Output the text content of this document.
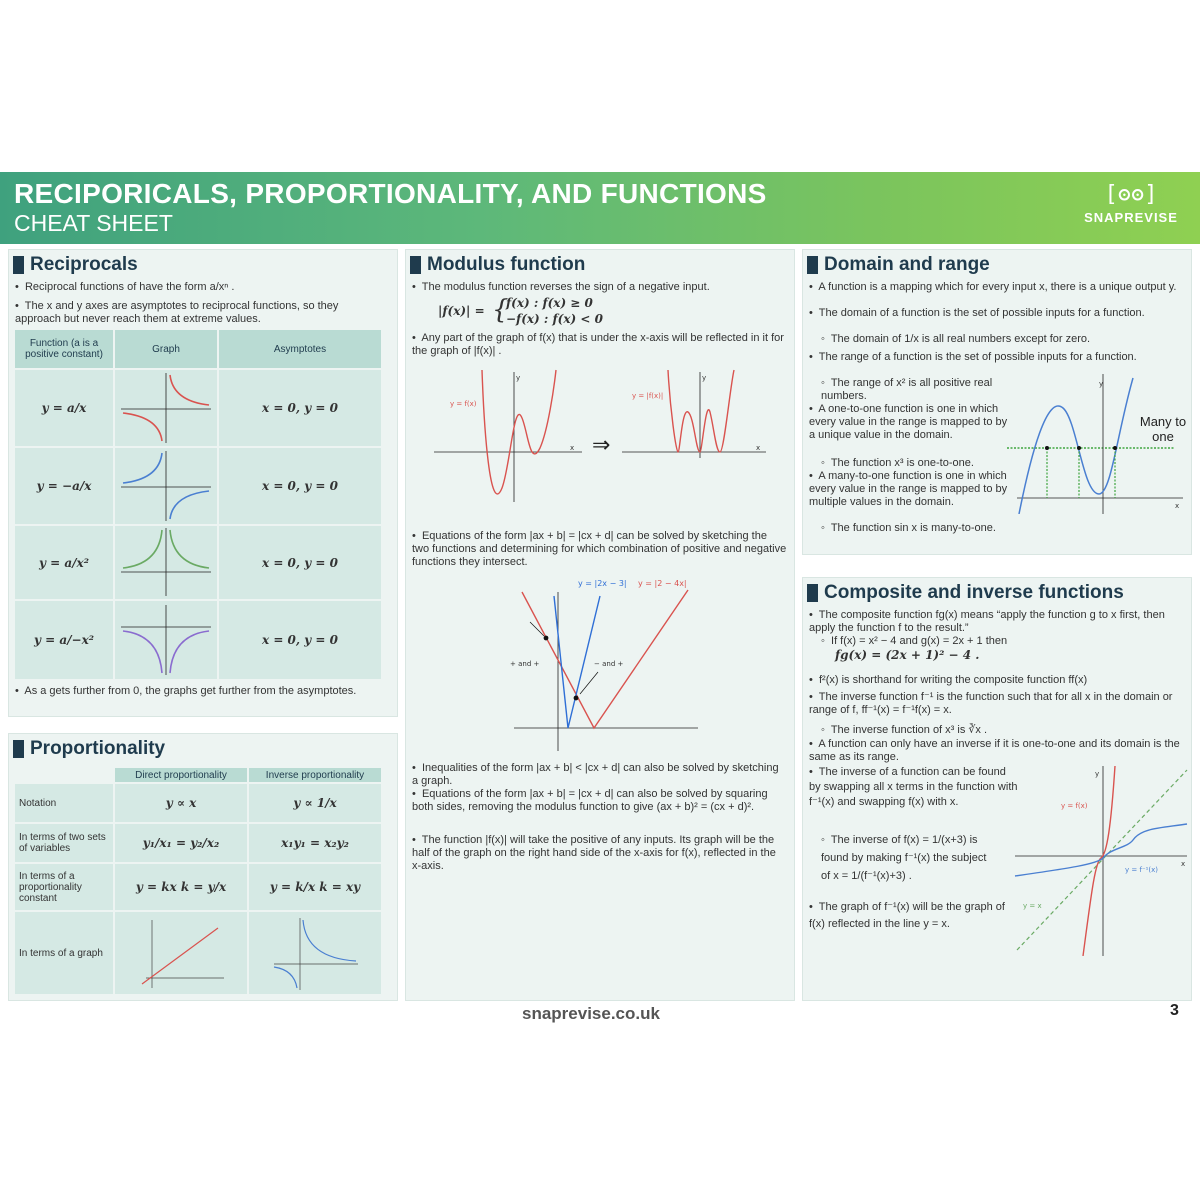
RECIPORICALS, PROPORTIONALITY, AND FUNCTIONS
CHEAT SHEET
[ʘʘ]
SNAPREVISE
Reciprocals
•  Reciprocal functions of have the form a/xⁿ .
•  The x and y axes are asymptotes to reciprocal functions, so they approach but never reach them at extreme values.
Function (a is a positive constant)	Graph	Asymptotes
y = a/x		x = 0, y = 0
y = −a/x		x = 0, y = 0
y = a/x²		x = 0, y = 0
y = a/−x²		x = 0, y = 0
•  As a gets further from 0, the graphs get further from the asymptotes.
Proportionality
	Direct proportionality	Inverse proportionality
Notation	y ∝ x	y ∝ 1/x
In terms of two sets of variables	y₁/x₁ = y₂/x₂	x₁y₁ = x₂y₂
In terms of a proportionality constant	y = kx k = y/x	y = k/x k = xy
In terms of a graph		
Modulus function
•  The modulus function reverses the sign of a negative input.
|f(x)| = {
f(x) : f(x) ≥ 0
−f(x) : f(x) < 0
•  Any part of the graph of f(x) that is under the x-axis will be reflected in it for the graph of |f(x)| .
y = f(x)
x
y
⇒
y = |f(x)|
x
y
•  Equations of the form |ax + b| = |cx + d| can be solved by sketching the two functions and determining for which combination of positive and negative functions they intersect.
y = |2x − 3| y = |2 − 4x|
+ and +	− and +
•  Inequalities of the form |ax + b| < |cx + d| can also be solved by sketching a graph.
•  Equations of the form |ax + b| = |cx + d| can also be solved by squaring both sides, removing the modulus function to give (ax + b)² = (cx + d)².
•  The function |f(x)| will take the positive of any inputs. Its graph will be the half of the graph on the right hand side of the x-axis for f(x), reflected in the x-axis.
Domain and range
•  A function is a mapping which for every input x, there is a unique output y.
•  The domain of a function is the set of possible inputs for a function.
◦  The domain of 1/x is all real numbers except for zero.
•  The range of a function is the set of possible inputs for a function.
◦  The range of x² is all positive real numbers.
•  A one-to-one function is one in which every value in the range is mapped to by a unique value in the domain.
◦  The function x³ is one-to-one.
•  A many-to-one function is one in which every value in the range is mapped to by multiple values in the domain.
◦  The function sin x is many-to-one.
y
x
Many to one
Composite and inverse functions
•  The composite function fg(x) means “apply the function g to x first, then apply the function f to the result.”
◦  If f(x) = x² − 4 and g(x) = 2x + 1 then
fg(x) = (2x + 1)² − 4 .
•  f²(x) is shorthand for writing the composite function ff(x)
•  The inverse function f⁻¹ is the function such that for all x in the domain or range of f, ff⁻¹(x) = f⁻¹f(x) = x.
◦  The inverse function of x³ is ∛x .
•  A function can only have an inverse if it is one-to-one and its domain is the same as its range.
•  The inverse of a function can be found by swapping all x terms in the function with f⁻¹(x) and swapping f(x) with x.
◦  The inverse of f(x) = 1/(x+3) is found by making f⁻¹(x) the subject of x = 1/(f⁻¹(x)+3) .
•  The graph of f⁻¹(x) will be the graph of f(x) reflected in the line y = x.
y = f(x)
y = f⁻¹(x)
y = x
y
x
snaprevise.co.uk	3
